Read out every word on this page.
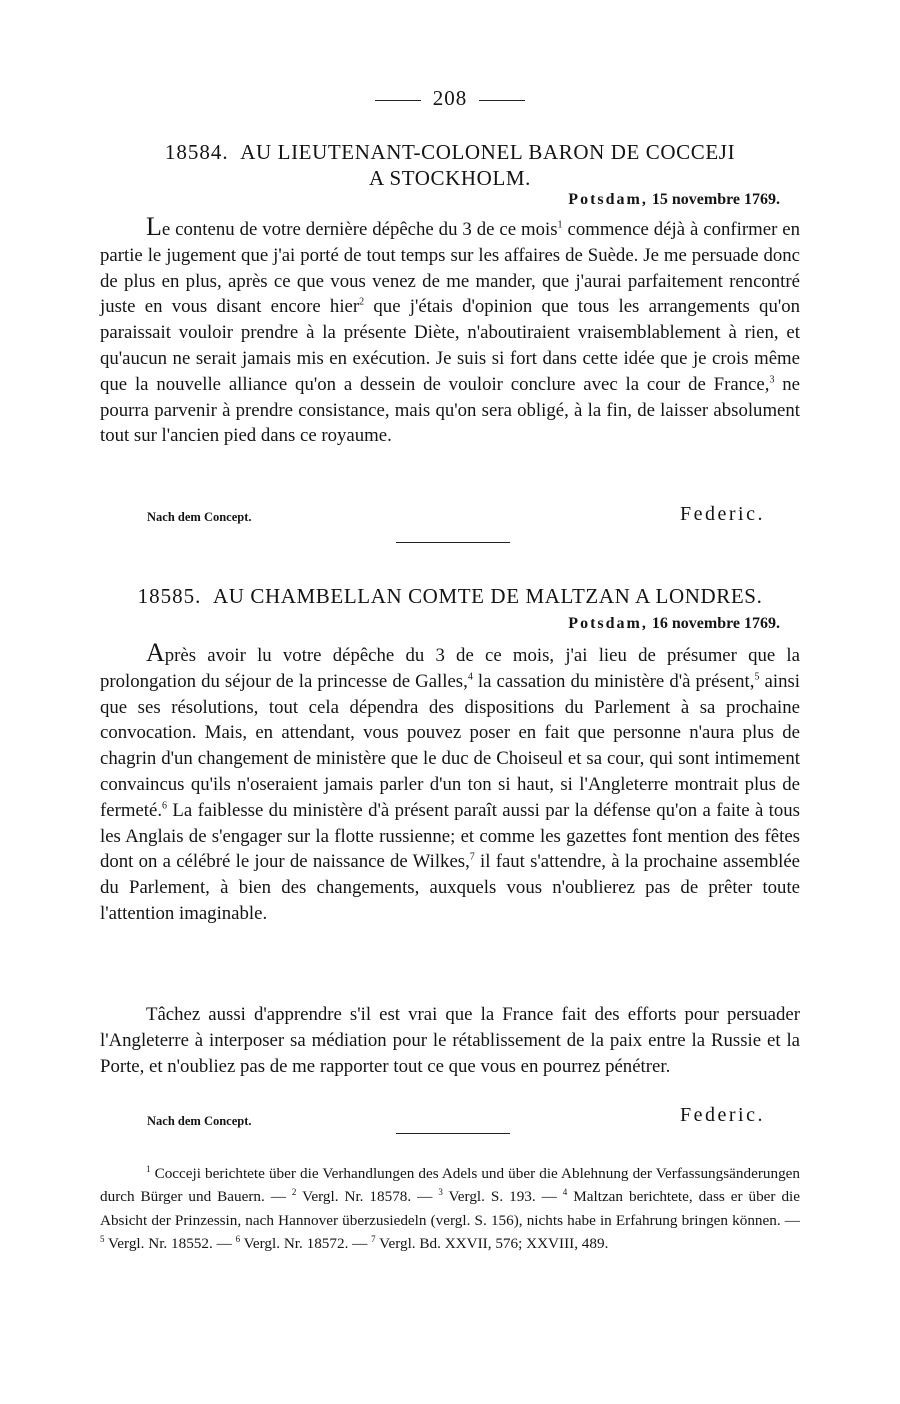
208
18584. AU LIEUTENANT-COLONEL BARON DE COCCEJI
A STOCKHOLM.
Potsdam, 15 novembre 1769.

Le contenu de votre dernière dépêche du 3 de ce mois$^1$ commence déjà à confirmer en partie le jugement que j'ai porté de tout temps sur les affaires de Suède. Je me persuade donc de plus en plus, après ce que vous venez de me mander, que j'aurai parfaitement rencontré juste en vous disant encore hier$^2$ que j'étais d'opinion que tous les arrangements qu'on paraissait vouloir prendre à la présente Diète, n'aboutiraient vraisemblablement à rien, et qu'aucun ne serait jamais mis en exécution. Je suis si fort dans cette idée que je crois même que la nouvelle alliance qu'on a dessein de vouloir conclure avec la cour de France,$^3$ ne pourra parvenir à prendre consistance, mais qu'on sera obligé, à la fin, de laisser absolument tout sur l'ancien pied dans ce royaume.

Nach dem Concept.	Federic.
18585. AU CHAMBELLAN COMTE DE MALTZAN A LONDRES.
Potsdam, 16 novembre 1769.

Après avoir lu votre dépêche du 3 de ce mois, j'ai lieu de présumer que la prolongation du séjour de la princesse de Galles,$^4$ la cassation du ministère d'à présent,$^5$ ainsi que ses résolutions, tout cela dépendra des dispositions du Parlement à sa prochaine convocation. Mais, en attendant, vous pouvez poser en fait que personne n'aura plus de chagrin d'un changement de ministère que le duc de Choiseul et sa cour, qui sont intimement convaincus qu'ils n'oseraient jamais parler d'un ton si haut, si l'Angleterre montrait plus de fermeté.$^6$ La faiblesse du ministère d'à présent paraît aussi par la défense qu'on a faite à tous les Anglais de s'engager sur la flotte russienne; et comme les gazettes font mention des fêtes dont on a célébré le jour de naissance de Wilkes,$^7$ il faut s'attendre, à la prochaine assemblée du Parlement, à bien des changements, auxquels vous n'oublierez pas de prêter toute l'attention imaginable.

Tâchez aussi d'apprendre s'il est vrai que la France fait des efforts pour persuader l'Angleterre à interposer sa médiation pour le rétablissement de la paix entre la Russie et la Porte, et n'oubliez pas de me rapporter tout ce que vous en pourrez pénétrer.

Nach dem Concept.	Federic.

$^1$ Cocceji berichtete über die Verhandlungen des Adels und über die Ablehnung der Verfassungsänderungen durch Bürger und Bauern. — $^2$ Vergl. Nr. 18578. — $^3$ Vergl. S. 193. — $^4$ Maltzan berichtete, dass er über die Absicht der Prinzessin, nach Hannover überzusiedeln (vergl. S. 156), nichts habe in Erfahrung bringen können. — $^5$ Vergl. Nr. 18552. — $^6$ Vergl. Nr. 18572. — $^7$ Vergl. Bd. XXVII, 576; XXVIII, 489.
